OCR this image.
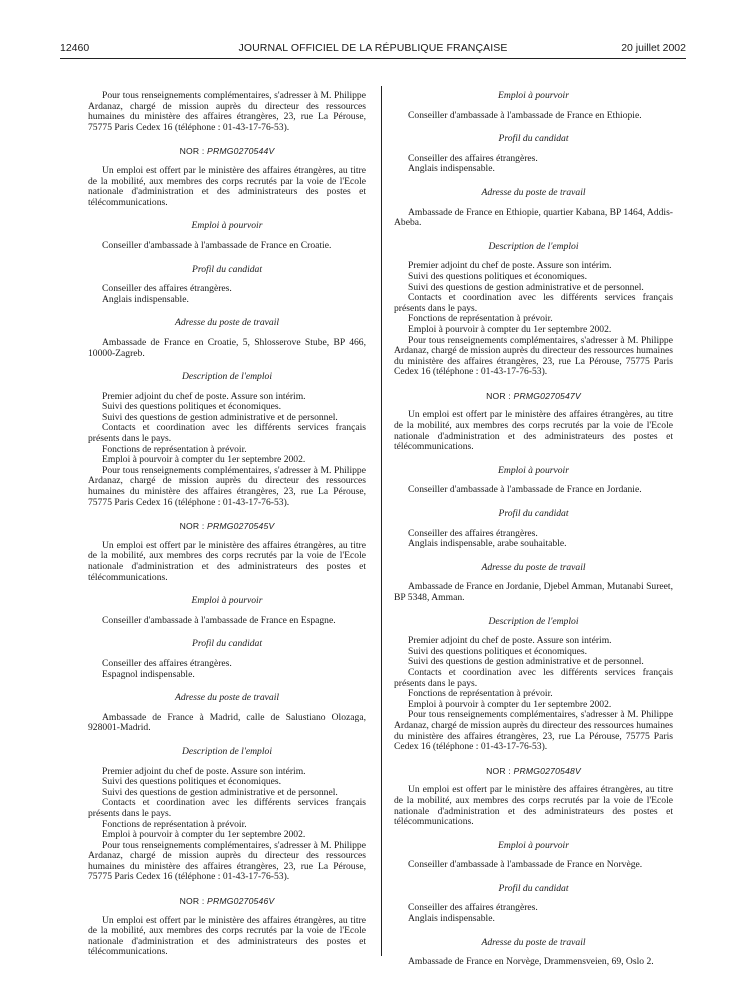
12460	JOURNAL OFFICIEL DE LA RÉPUBLIQUE FRANÇAISE	20 juillet 2002

Pour tous renseignements complémentaires, s'adresser à M. Philippe Ardanaz, chargé de mission auprès du directeur des ressources humaines du ministère des affaires étrangères, 23, rue La Pérouse, 75775 Paris Cedex 16 (téléphone : 01-43-17-76-53).

NOR : PRMG0270544V

Un emploi est offert par le ministère des affaires étrangères, au titre de la mobilité, aux membres des corps recrutés par la voie de l'Ecole nationale d'administration et des administrateurs des postes et télécommunications.

Emploi à pourvoir

Conseiller d'ambassade à l'ambassade de France en Croatie.

Profil du candidat

Conseiller des affaires étrangères.

Anglais indispensable.

Adresse du poste de travail

Ambassade de France en Croatie, 5, Shlosserove Stube, BP 466, 10000-Zagreb.

Description de l'emploi

Premier adjoint du chef de poste. Assure son intérim.

Suivi des questions politiques et économiques.

Suivi des questions de gestion administrative et de personnel.

Contacts et coordination avec les différents services français présents dans le pays.

Fonctions de représentation à prévoir.

Emploi à pourvoir à compter du 1er septembre 2002.

Pour tous renseignements complémentaires, s'adresser à M. Philippe Ardanaz, chargé de mission auprès du directeur des ressources humaines du ministère des affaires étrangères, 23, rue La Pérouse, 75775 Paris Cedex 16 (téléphone : 01-43-17-76-53).

NOR : PRMG0270545V

Un emploi est offert par le ministère des affaires étrangères, au titre de la mobilité, aux membres des corps recrutés par la voie de l'Ecole nationale d'administration et des administrateurs des postes et télécommunications.

Emploi à pourvoir

Conseiller d'ambassade à l'ambassade de France en Espagne.

Profil du candidat

Conseiller des affaires étrangères.

Espagnol indispensable.

Adresse du poste de travail

Ambassade de France à Madrid, calle de Salustiano Olozaga, 928001-Madrid.

Description de l'emploi

Premier adjoint du chef de poste. Assure son intérim.

Suivi des questions politiques et économiques.

Suivi des questions de gestion administrative et de personnel.

Contacts et coordination avec les différents services français présents dans le pays.

Fonctions de représentation à prévoir.

Emploi à pourvoir à compter du 1er septembre 2002.

Pour tous renseignements complémentaires, s'adresser à M. Philippe Ardanaz, chargé de mission auprès du directeur des ressources humaines du ministère des affaires étrangères, 23, rue La Pérouse, 75775 Paris Cedex 16 (téléphone : 01-43-17-76-53).

NOR : PRMG0270546V

Un emploi est offert par le ministère des affaires étrangères, au titre de la mobilité, aux membres des corps recrutés par la voie de l'Ecole nationale d'administration et des administrateurs des postes et télécommunications.

Emploi à pourvoir

Conseiller d'ambassade à l'ambassade de France en Ethiopie.

Profil du candidat

Conseiller des affaires étrangères.

Anglais indispensable.

Adresse du poste de travail

Ambassade de France en Ethiopie, quartier Kabana, BP 1464, Addis-Abeba.

Description de l'emploi

Premier adjoint du chef de poste. Assure son intérim.

Suivi des questions politiques et économiques.

Suivi des questions de gestion administrative et de personnel.

Contacts et coordination avec les différents services français présents dans le pays.

Fonctions de représentation à prévoir.

Emploi à pourvoir à compter du 1er septembre 2002.

Pour tous renseignements complémentaires, s'adresser à M. Philippe Ardanaz, chargé de mission auprès du directeur des ressources humaines du ministère des affaires étrangères, 23, rue La Pérouse, 75775 Paris Cedex 16 (téléphone : 01-43-17-76-53).

NOR : PRMG0270547V

Un emploi est offert par le ministère des affaires étrangères, au titre de la mobilité, aux membres des corps recrutés par la voie de l'Ecole nationale d'administration et des administrateurs des postes et télécommunications.

Emploi à pourvoir

Conseiller d'ambassade à l'ambassade de France en Jordanie.

Profil du candidat

Conseiller des affaires étrangères.

Anglais indispensable, arabe souhaitable.

Adresse du poste de travail

Ambassade de France en Jordanie, Djebel Amman, Mutanabi Sureet, BP 5348, Amman.

Description de l'emploi

Premier adjoint du chef de poste. Assure son intérim.

Suivi des questions politiques et économiques.

Suivi des questions de gestion administrative et de personnel.

Contacts et coordination avec les différents services français présents dans le pays.

Fonctions de représentation à prévoir.

Emploi à pourvoir à compter du 1er septembre 2002.

Pour tous renseignements complémentaires, s'adresser à M. Philippe Ardanaz, chargé de mission auprès du directeur des ressources humaines du ministère des affaires étrangères, 23, rue La Pérouse, 75775 Paris Cedex 16 (téléphone : 01-43-17-76-53).

NOR : PRMG0270548V

Un emploi est offert par le ministère des affaires étrangères, au titre de la mobilité, aux membres des corps recrutés par la voie de l'Ecole nationale d'administration et des administrateurs des postes et télécommunications.

Emploi à pourvoir

Conseiller d'ambassade à l'ambassade de France en Norvège.

Profil du candidat

Conseiller des affaires étrangères.

Anglais indispensable.

Adresse du poste de travail

Ambassade de France en Norvège, Drammensveien, 69, Oslo 2.
